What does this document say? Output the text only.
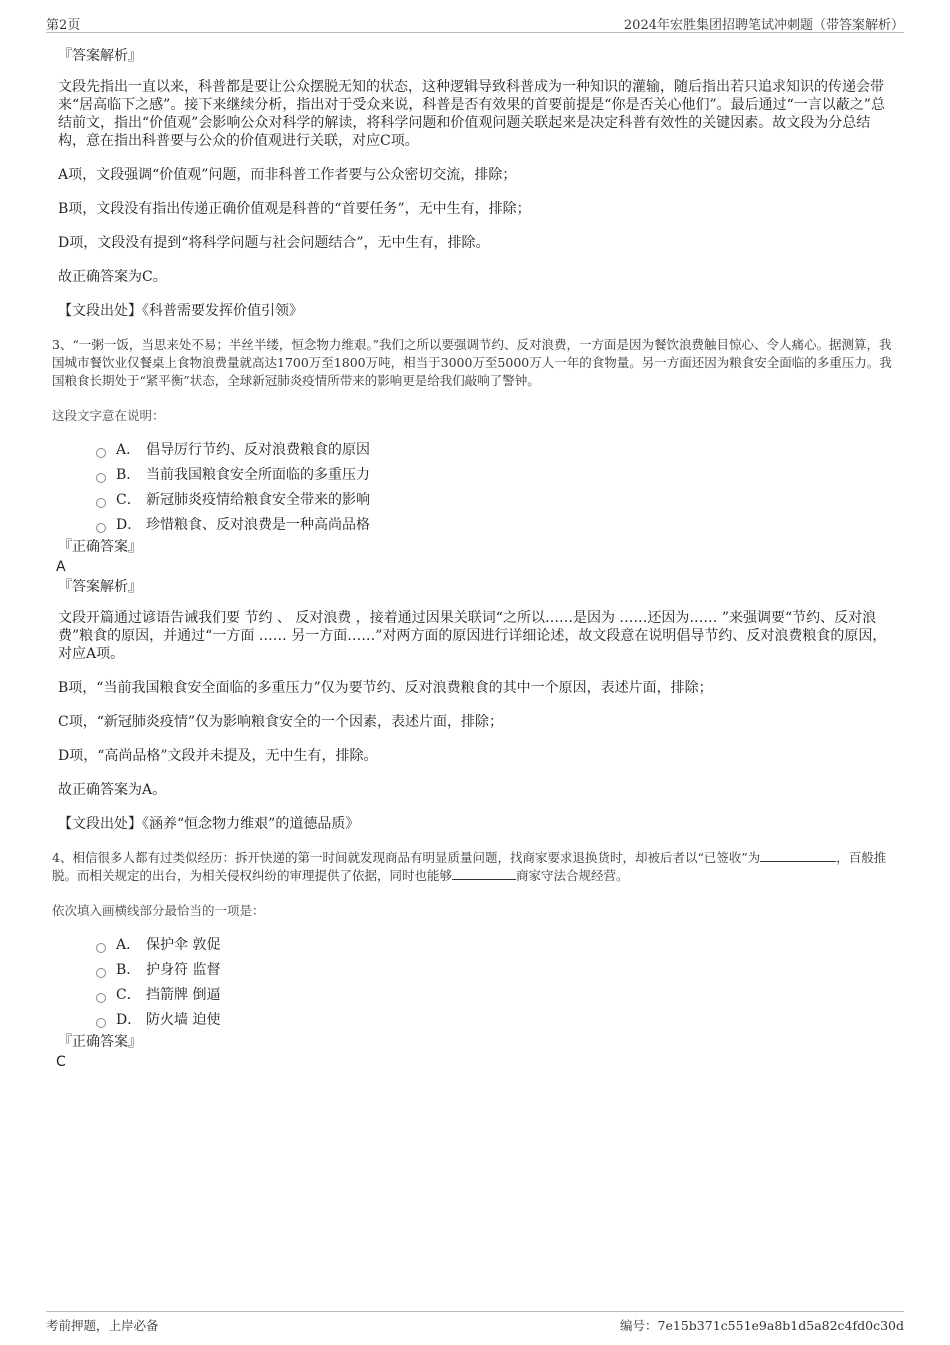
第2页	2024年宏胜集团招聘笔试冲刺题（带答案解析）
『答案解析』
文段先指出一直以来，科普都是要让公众摆脱无知的状态，这种逻辑导致科普成为一种知识的灌输，随后指出若只追求知识的传递会带来“居高临下之感”。接下来继续分析，指出对于受众来说，科普是否有效果的首要前提是“你是否关心他们”。最后通过“一言以蔽之”总结前文，指出“价值观”会影响公众对科学的解读，将科学问题和价值观问题关联起来是决定科普有效性的关键因素。故文段为分总结构，意在指出科普要与公众的价值观进行关联，对应C项。
A项，文段强调“价值观”问题，而非科普工作者要与公众密切交流，排除；
B项，文段没有指出传递正确价值观是科普的“首要任务”，无中生有，排除；
D项，文段没有提到“将科学问题与社会问题结合”，无中生有，排除。
故正确答案为C。
【文段出处】《科普需要发挥价值引领》
3、“一粥一饭，当思来处不易；半丝半缕，恒念物力维艰。”我们之所以要强调节约、反对浪费，一方面是因为餐饮浪费触目惊心、令人痛心。据测算，我国城市餐饮业仅餐桌上食物浪费量就高达1700万至1800万吨，相当于3000万至5000万人一年的食物量。另一方面还因为粮食安全面临的多重压力。我国粮食长期处于“紧平衡”状态，全球新冠肺炎疫情所带来的影响更是给我们敲响了警钟。
这段文字意在说明：
A． 倡导厉行节约、反对浪费粮食的原因
B． 当前我国粮食安全所面临的多重压力
C． 新冠肺炎疫情给粮食安全带来的影响
D． 珍惜粮食、反对浪费是一种高尚品格
『正确答案』
A
『答案解析』
文段开篇通过谚语告诫我们要 节约 、 反对浪费 ，接着通过因果关联词“之所以……是因为 ……还因为…… ”来强调要“节约、反对浪费”粮食的原因，并通过“一方面 …… 另一方面……”对两方面的原因进行详细论述，故文段意在说明倡导节约、反对浪费粮食的原因，对应A项。
B项，“当前我国粮食安全面临的多重压力”仅为要节约、反对浪费粮食的其中一个原因，表述片面，排除；
C项，“新冠肺炎疫情”仅为影响粮食安全的一个因素，表述片面，排除；
D项，“高尚品格”文段并未提及，无中生有，排除。
故正确答案为A。
【文段出处】《涵养“恒念物力维艰”的道德品质》
4、相信很多人都有过类似经历：拆开快递的第一时间就发现商品有明显质量问题，找商家要求退换货时，却被后者以“已签收”为	，百般推脱。而相关规定的出台，为相关侵权纠纷的审理提供了依据，同时也能够	商家守法合规经营。
依次填入画横线部分最恰当的一项是：
A． 保护伞 敦促
B． 护身符 监督
C． 挡箭牌 倒逼
D． 防火墙 迫使
『正确答案』
C
考前押题，上岸必备	编号：7e15b371c551e9a8b1d5a82c4fd0c30d
